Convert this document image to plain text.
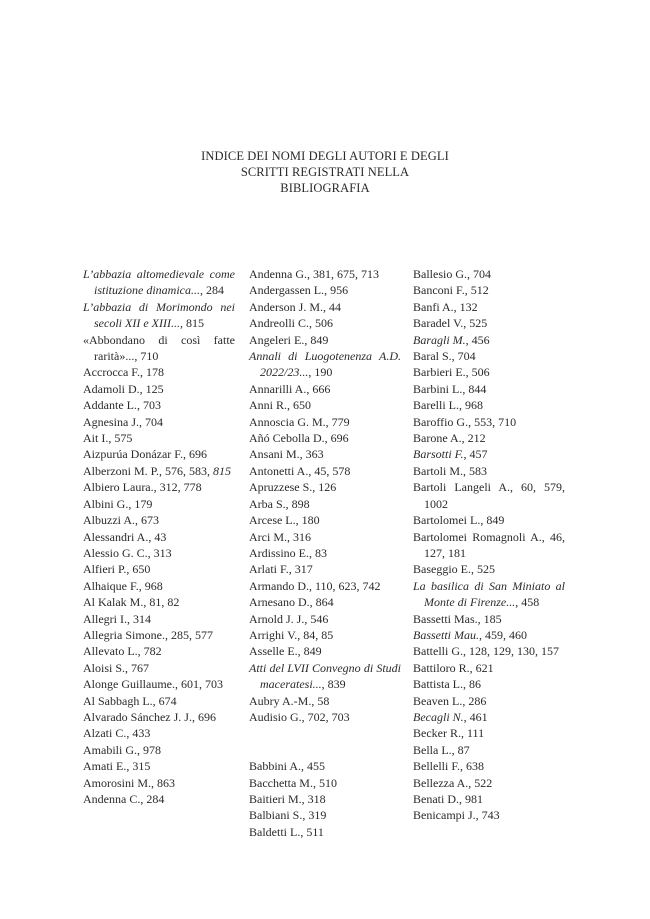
INDICE DEI NOMI DEGLI AUTORI E DEGLI
SCRITTI REGISTRATI NELLA
BIBLIOGRAFIA
L’abbazia altomedievale come istituzione dinamica..., 284
L’abbazia di Morimondo nei secoli XII e XIII..., 815
«Abbondano di così fatte rarità»..., 710
Accrocca F., 178
Adamoli D., 125
Addante L., 703
Agnesina J., 704
Ait I., 575
Aizpurúa Donázar F., 696
Alberzoni M. P., 576, 583, 815
Albiero Laura., 312, 778
Albini G., 179
Albuzzi A., 673
Alessandri A., 43
Alessio G. C., 313
Alfieri P., 650
Alhaique F., 968
Al Kalak M., 81, 82
Allegri I., 314
Allegria Simone., 285, 577
Allevato L., 782
Aloisi S., 767
Alonge Guillaume., 601, 703
Al Sabbagh L., 674
Alvarado Sánchez J. J., 696
Alzati C., 433
Amabili G., 978
Amati E., 315
Amorosini M., 863
Andenna C., 284
Andenna G., 381, 675, 713
Andergassen L., 956
Anderson J. M., 44
Andreolli C., 506
Angeleri E., 849
Annali di Luogotenenza A.D. 2022/23..., 190
Annarilli A., 666
Anni R., 650
Annoscia G. M., 779
Añó Cebolla D., 696
Ansani M., 363
Antonetti A., 45, 578
Apruzzese S., 126
Arba S., 898
Arcese L., 180
Arci M., 316
Ardissino E., 83
Arlati F., 317
Armando D., 110, 623, 742
Arnesano D., 864
Arnold J. J., 546
Arrighi V., 84, 85
Asselle E., 849
Atti del LVII Convegno di Studi maceratesi..., 839
Aubry A.-M., 58
Audisio G., 702, 703
Babbini A., 455
Bacchetta M., 510
Baitieri M., 318
Balbiani S., 319
Baldetti L., 511
Ballesio G., 704
Banconi F., 512
Banfi A., 132
Baradel V., 525
Baragli M., 456
Baral S., 704
Barbieri E., 506
Barbini L., 844
Barelli L., 968
Baroffio G., 553, 710
Barone A., 212
Barsotti F., 457
Bartoli M., 583
Bartoli Langeli A., 60, 579, 1002
Bartolomei L., 849
Bartolomei Romagnoli A., 46, 127, 181
Baseggio E., 525
La basilica di San Miniato al Monte di Firenze..., 458
Bassetti Mas., 185
Bassetti Mau., 459, 460
Battelli G., 128, 129, 130, 157
Battiloro R., 621
Battista L., 86
Beaven L., 286
Becagli N., 461
Becker R., 111
Bella L., 87
Bellelli F., 638
Bellezza A., 522
Benati D., 981
Benicampi J., 743
